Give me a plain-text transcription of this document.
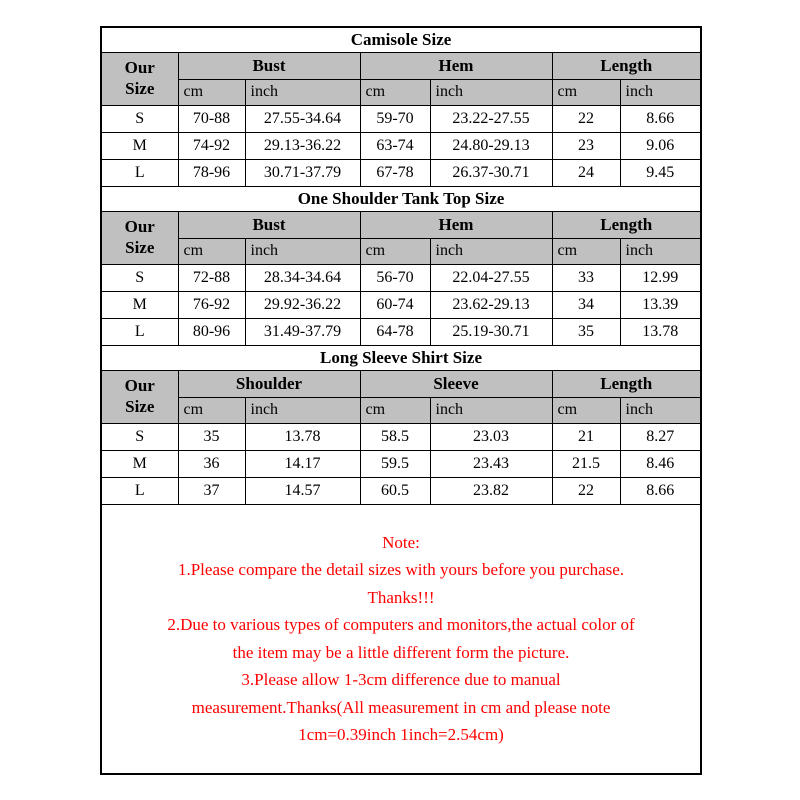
Camisole Size						

Our
Size	Bust		Hem		Length	
	cm	inch	cm	inch	cm	inch
S	70-88	27.55-34.64	59-70	23.22-27.55	22	8.66
M	74-92	29.13-36.22	63-74	24.80-29.13	23	9.06
L	78-96	30.71-37.79	67-78	26.37-30.71	24	9.45
One Shoulder Tank Top Size						

Our
Size	Bust		Hem		Length	
	cm	inch	cm	inch	cm	inch
S	72-88	28.34-34.64	56-70	22.04-27.55	33	12.99
M	76-92	29.92-36.22	60-74	23.62-29.13	34	13.39
L	80-96	31.49-37.79	64-78	25.19-30.71	35	13.78
Long Sleeve Shirt Size						

Our
Size	Shoulder		Sleeve		Length	
	cm	inch	cm	inch	cm	inch
S	35	13.78	58.5	23.03	21	8.27
M	36	14.17	59.5	23.43	21.5	8.46
L	37	14.57	60.5	23.82	22	8.66

Note:
1.Please compare the detail sizes with yours before you purchase.
Thanks!!!
2.Due to various types of computers and monitors,the actual color of
the item may be a little different form the picture.
3.Please allow 1-3cm difference due to manual
measurement.Thanks(All measurement in cm and please note
1cm=0.39inch 1inch=2.54cm)
